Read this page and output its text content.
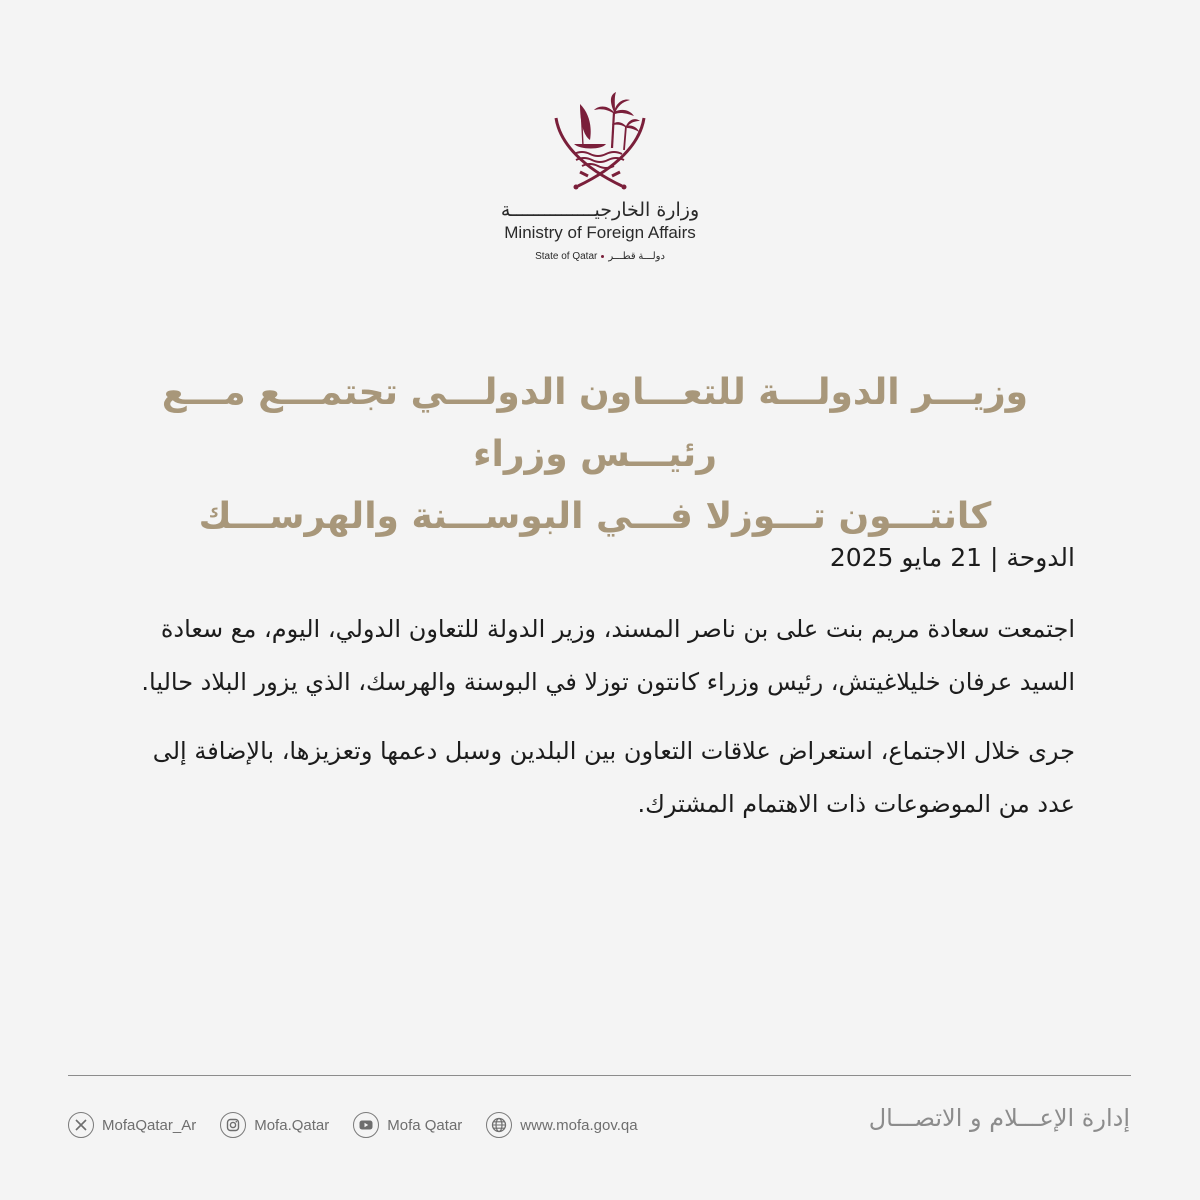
وزارة الخارجيـــــــــــــــة
Ministry of Foreign Affairs
State of Qatar دولـــة قطـــر
وزيـــر الدولـــة للتعـــاون الدولـــي تجتمـــع مـــع رئيـــس وزراء
كانتـــون تـــوزلا فـــي البوســـنة والهرســـك

الدوحة | 21 مايو 2025

اجتمعت سعادة مريم بنت على بن ناصر المسند، وزير الدولة للتعاون الدولي، اليوم، مع سعادة السيد عرفان خليلاغيتش، رئيس وزراء كانتون توزلا في البوسنة والهرسك، الذي يزور البلاد حاليا.

جرى خلال الاجتماع، استعراض علاقات التعاون بين البلدين وسبل دعمها وتعزيزها، بالإضافة إلى عدد من الموضوعات ذات الاهتمام المشترك.

MofaQatar_Ar	Mofa.Qatar	Mofa Qatar	www.mofa.gov.qa	إدارة الإعـــلام و الاتصـــال
